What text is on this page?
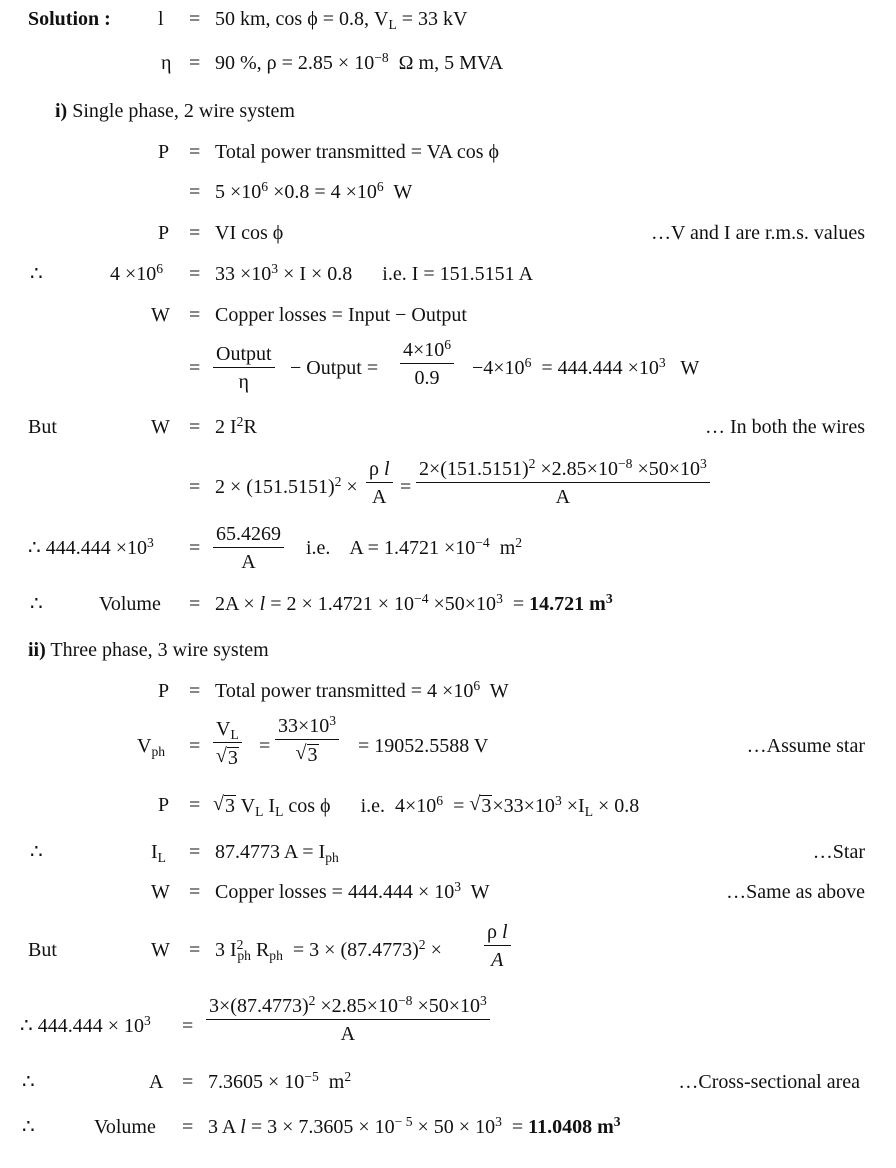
Solution : l = 50 km, cos ϕ = 0.8, $V_L = 33$ kV
η = 90 %, $\rho = 2.85 \times 10^{-8}$  Ω m, 5 MVA
i) Single phase, 2 wire system
P = Total power transmitted = VA cos ϕ
= $5 \times 10^6 \times 0.8 = 4 \times 10^6$  W
P = VI cos ϕ	…V and I are r.m.s. values
∴	$4 \times 10^6 = 33 \times 10^3 \times I \times 0.8$      i.e. I = 151.5151 A
W = Copper losses = Input − Output
=
Output
η
− Output = $\frac{4\times 10^6}{0.9} -4\times 10^6 = 444.444 \times 10^3$   W
But	W = 2 $I^2R$	… In both the wires
= $2 \times (151.5151)^2 \times \frac{\text{ρ l}}{A} = \frac{2\times(151.5151)^2 \times 2.85\times 10^{-8} \times 50\times 10^3}{A}$
∴ $444.444 \times 10^3 = \frac{65.4269}{A} i.e$.    $A = 1.4721 \times 10^{-4}$  $m^2$
∴	Volume = $2A \times l = 2 \times 1.4721 \times 10^{-4} \times 50\times 10^3 = 14.721$ $m^3$
ii) Three phase, 3 wire system
P = Total power transmitted = $4 \times 10^6$  W
$V_{ph} = V_L$
√ $3 = 33\times 10^3$
√ 3 = 19052.5588 V	…Assume star
P =
√	3 $V_L$ $I_L$ cos ϕ      i.e.  $4\times 10^6$  = √ $3\times 33\times 10^3 \times I_L \times 0.8$
∴	$I_L = 87.4773$ $A = I_{ph}$	…Star
W = Copper losses = $444.444 \times 10^3$  W	…Same as above
But	W = 3 $I^2_{ph}$ $R_{ph} = 3 \times (87.4773)^2 \times \frac{\text{ρ l}}{A}$
∴ $444.444 \times 10^3 = \frac{3\times(87.4773)^2 \times 2.85\times 10^{-8} \times 50\times 10^3}{A}$
∴	$A = 7.3605 \times 10^{-5}$  $m^2$	…Cross-sectional area
∴	Volume = 3 A $l = 3 \times 7.3605 \times 10^{- 5} \times 50 \times 10^3 = 11.0408$ $m^3$
